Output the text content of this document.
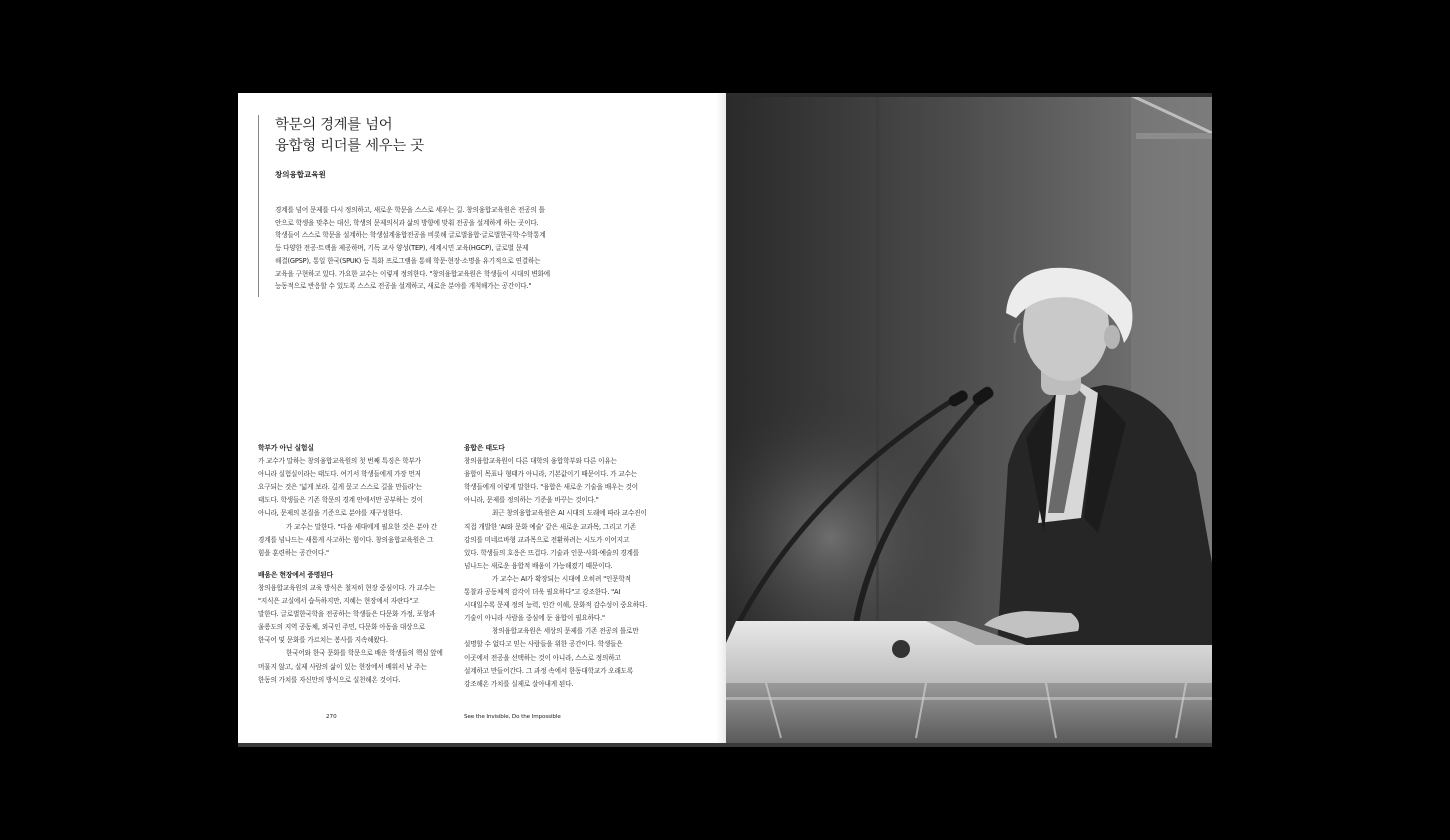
학문의 경계를 넘어
융합형 리더를 세우는 곳
창의융합교육원
경계를 넘어 문제를 다시 정의하고, 새로운 학문을 스스로 세우는 길. 창의융합교육원은 전공의 틀
안으로 학생을 맞추는 대신, 학생의 문제의식과 삶의 방향에 맞춰 전공을 설계하게 하는 곳이다.
학생들이 스스로 학문을 설계하는 학생설계융합전공을 비롯해 글로벌융합·글로벌한국학·수학통계
등 다양한 전공·트랙을 제공하며, 기독 교사 양성(TEP), 세계시민 교육(HGCP), 글로벌 문제
해결(GPSP), 통일 한국(SPUK) 등 특화 프로그램을 통해 학문·현장·소명을 유기적으로 연결하는
교육을 구현하고 있다. 가요한 교수는 이렇게 정의한다. "창의융합교육원은 학생들이 시대의 변화에
능동적으로 반응할 수 있도록 스스로 전공을 설계하고, 새로운 분야를 개척해가는 공간이다."
학부가 아닌 실험실
가 교수가 말하는 창의융합교육원의 첫 번째 특징은 학부가
아니라 실험실이라는 태도다. 여기서 학생들에게 가장 먼저
요구되는 것은 '넓게 보라. 깊게 묻고 스스로 길을 만들라'는
태도다. 학생들은 기존 학문의 경계 안에서만 공부하는 것이
아니라, 문제의 본질을 기준으로 분야를 재구성한다.
가 교수는 말한다. "다음 세대에게 필요한 것은 분야 간
경계를 넘나드는 새롭게 사고하는 힘이다. 창의융합교육원은 그
힘을 훈련하는 공간이다."
배움은 현장에서 증명된다
창의융합교육원의 교육 방식은 철저히 현장 중심이다. 가 교수는
"지식은 교실에서 습득하지만, 지혜는 현장에서 자란다"고
말한다. 글로벌한국학을 전공하는 학생들은 다문화 가정, 포항과
울릉도의 지역 공동체, 외국인 주민, 다문화 아동을 대상으로
한국어 및 문화를 가르치는 봉사를 지속해왔다.
한국어와 한국 문화를 학문으로 배운 학생들의 핵심 앞에
머물지 않고, 실제 사람의 삶이 있는 현장에서 배워서 남 주는
한동의 가치를 자신만의 방식으로 실천해온 것이다.
융합은 태도다
창의융합교육원이 다른 대학의 융합학부와 다른 이유는
융합이 목표나 형태가 아니라, 기본값이기 때문이다. 가 교수는
학생들에게 이렇게 말한다. "융합은 새로운 기술을 배우는 것이
아니라, 문제를 정의하는 기준을 바꾸는 것이다."
최근 창의융합교육원은 AI 시대의 도래에 따라 교수진이
직접 개발한 'AI와 문화 예술' 같은 새로운 교과목, 그리고 기존
강의를 미네르바형 교과목으로 전환하려는 시도가 이어지고
있다. 학생들의 호응은 뜨겁다. 기술과 인문·사회·예술의 경계를
넘나드는 새로운 융합적 배움이 가능해졌기 때문이다.
가 교수는 AI가 확장되는 시대에 오히려 "인문학적
통찰과 공동체적 감각이 더욱 필요하다"고 강조한다. "AI
시대일수록 문제 정의 능력, 인간 이해, 문화적 감수성이 중요하다.
기술이 아니라 사람을 중심에 둔 융합이 필요하다."
창의융합교육원은 세상의 문제를 기존 전공의 틀로만
설명할 수 없다고 믿는 사람들을 위한 공간이다. 학생들은
이곳에서 전공을 선택하는 것이 아니라, 스스로 정의하고
설계하고 만들어간다. 그 과정 속에서 한동대학교가 오래도록
강조해온 가치를 실제로 살아내게 된다.
270	See the Invisible, Do the Impossible
